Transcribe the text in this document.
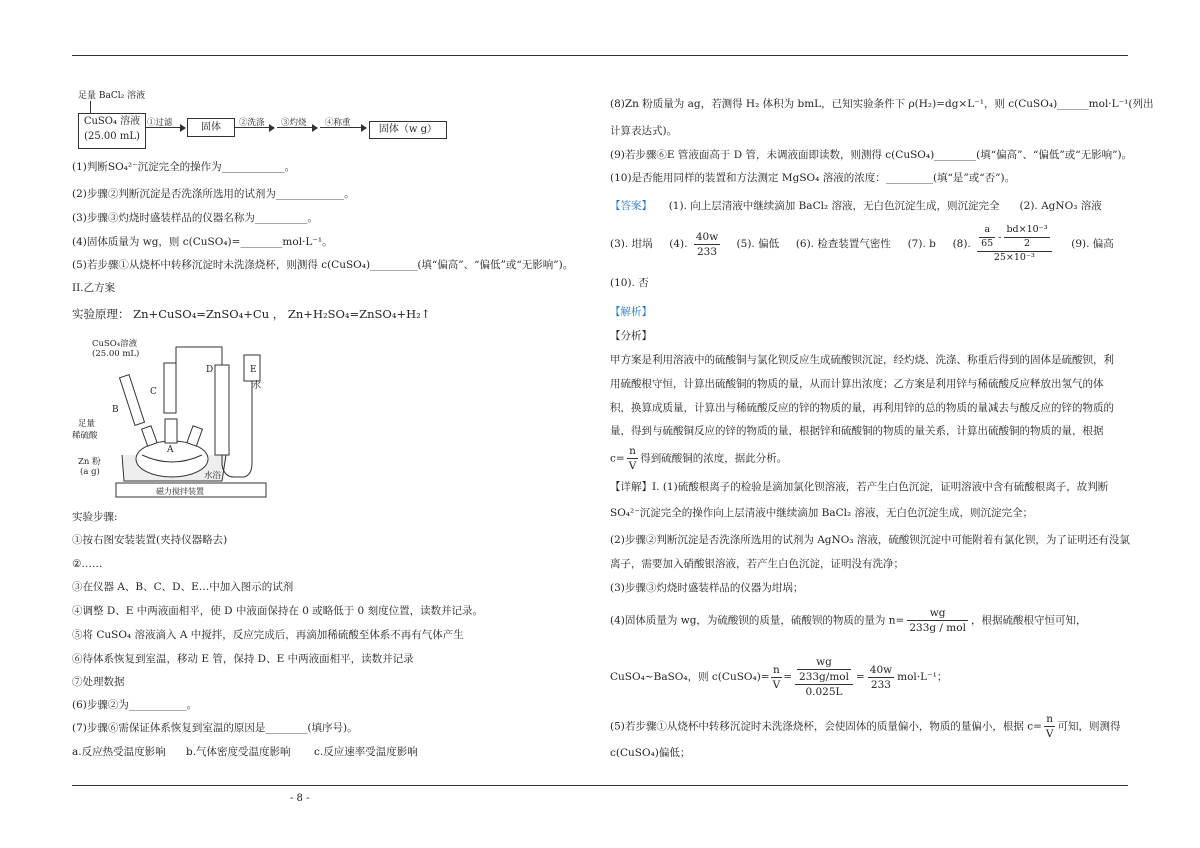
足量 BaCl₂ 溶液
CuSO₄ 溶液
(25.00 mL)
①过滤	固体	②洗涤 ③灼烧 ④称重
固体（w g）
(1)判断SO₄²⁻沉淀完全的操作为____________。
(2)步骤②判断沉淀是否洗涤所选用的试剂为_____________。
(3)步骤③灼烧时盛装样品的仪器名称为__________。
(4)固体质量为 wg，则 c(CuSO₄)=________mol·L⁻¹。
(5)若步骤①从烧杯中转移沉淀时未洗涤烧杯，则测得 c(CuSO₄)_________(填“偏高”、“偏低”或“无影响”)。
II.乙方案
实验原理： Zn+CuSO₄=ZnSO₄+Cu ， Zn+H₂SO₄=ZnSO₄+H₂↑
实验步骤:
①按右图安装装置(夹持仪器略去)
②……
③在仪器 A、B、C、D、E…中加入图示的试剂
④调整 D、E 中两液面相平，使 D 中液面保持在 0 或略低于 0 刻度位置，读数并记录。
⑤将 CuSO₄ 溶液滴入 A 中搅拌，反应完成后，再滴加稀硫酸至体系不再有气体产生
⑥待体系恢复到室温，移动 E 管，保持 D、E 中两液面相平，读数并记录
⑦处理数据
(6)步骤②为___________。
(7)步骤⑥需保证体系恢复到室温的原因是________(填序号)。
a.反应热受温度影响 b.气体密度受温度影响 c.反应速率受温度影响
CuSO₄溶液
(25.00 mL)
C
D	E
水
B
足量
稀硫酸
A
Zn 粉
(a g)	水浴
磁力搅拌装置
(8)Zn 粉质量为 ag，若测得 H₂ 体积为 bmL，已知实验条件下 ρ(H₂)=dg×L⁻¹，则 c(CuSO₄)______mol·L⁻¹(列出
计算表达式)。
(9)若步骤⑥E 管液面高于 D 管，未调液面即读数，则测得 c(CuSO₄)________(填“偏高”、“偏低”或“无影响”)。
(10)是否能用同样的装置和方法测定 MgSO₄ 溶液的浓度：_________(填“是”或“否”)。
【答案】 (1). 向上层清液中继续滴加 BaCl₂ 溶液，无白色沉淀生成，则沉淀完全 (2). AgNO₃ 溶液
(3). 坩埚 (4). $\frac{40w}{233} (5)$. 偏低 (6). 检查装置气密性 (7). b (8). $\frac{\frac{a}{65} - \frac{\text{bd×10⁻³}}{2}}{\text{25×10⁻³}} (9)$. 偏高
(10). 否
【解析】
【分析】
甲方案是利用溶液中的硫酸铜与氯化钡反应生成硫酸钡沉淀，经灼烧、洗涤、称重后得到的固体是硫酸钡，利
用硫酸根守恒，计算出硫酸铜的物质的量，从而计算出浓度；乙方案是利用锌与稀硫酸反应释放出氢气的体
积，换算成质量，计算出与稀硫酸反应的锌的物质的量，再利用锌的总的物质的量减去与酸反应的锌的物质的
量，得到与硫酸铜反应的锌的物质的量，根据锌和硫酸铜的物质的量关系，计算出硫酸铜的物质的量，根据
$c= \frac{n}{V}$ 得到硫酸铜的浓度，据此分析。
【详解】I. (1)硫酸根离子的检验是滴加氯化钡溶液，若产生白色沉淀，证明溶液中含有硫酸根离子，故判断
SO₄²⁻沉淀完全的操作向上层清液中继续滴加 BaCl₂ 溶液，无白色沉淀生成，则沉淀完全；
(2)步骤②判断沉淀是否洗涤所选用的试剂为 AgNO₃ 溶液，硫酸钡沉淀中可能附着有氯化钡，为了证明还有没氯
离子，需要加入硝酸银溶液，若产生白色沉淀，证明没有洗净；
(3)步骤③灼烧时盛装样品的仪器为坩埚；
(4)固体质量为 wg，为硫酸钡的质量，硫酸钡的物质的量为 $n= \frac{wg}{\text{233g / mol}}$ ，根据硫酸根守恒可知，
CuSO₄~BaSO₄，则 c(CuSO₄)= $\frac{n}{V} = \frac{\frac{wg}{\text{233g/mol}}}{0.025L} = \frac{40w}{233} mol\cdot L^{-1}$；
(5)若步骤①从烧杯中转移沉淀时未洗涤烧杯，会使固体的质量偏小，物质的量偏小，根据 $c= \frac{n}{V}$ 可知，则测得
c(CuSO₄)偏低；
- 8 -
